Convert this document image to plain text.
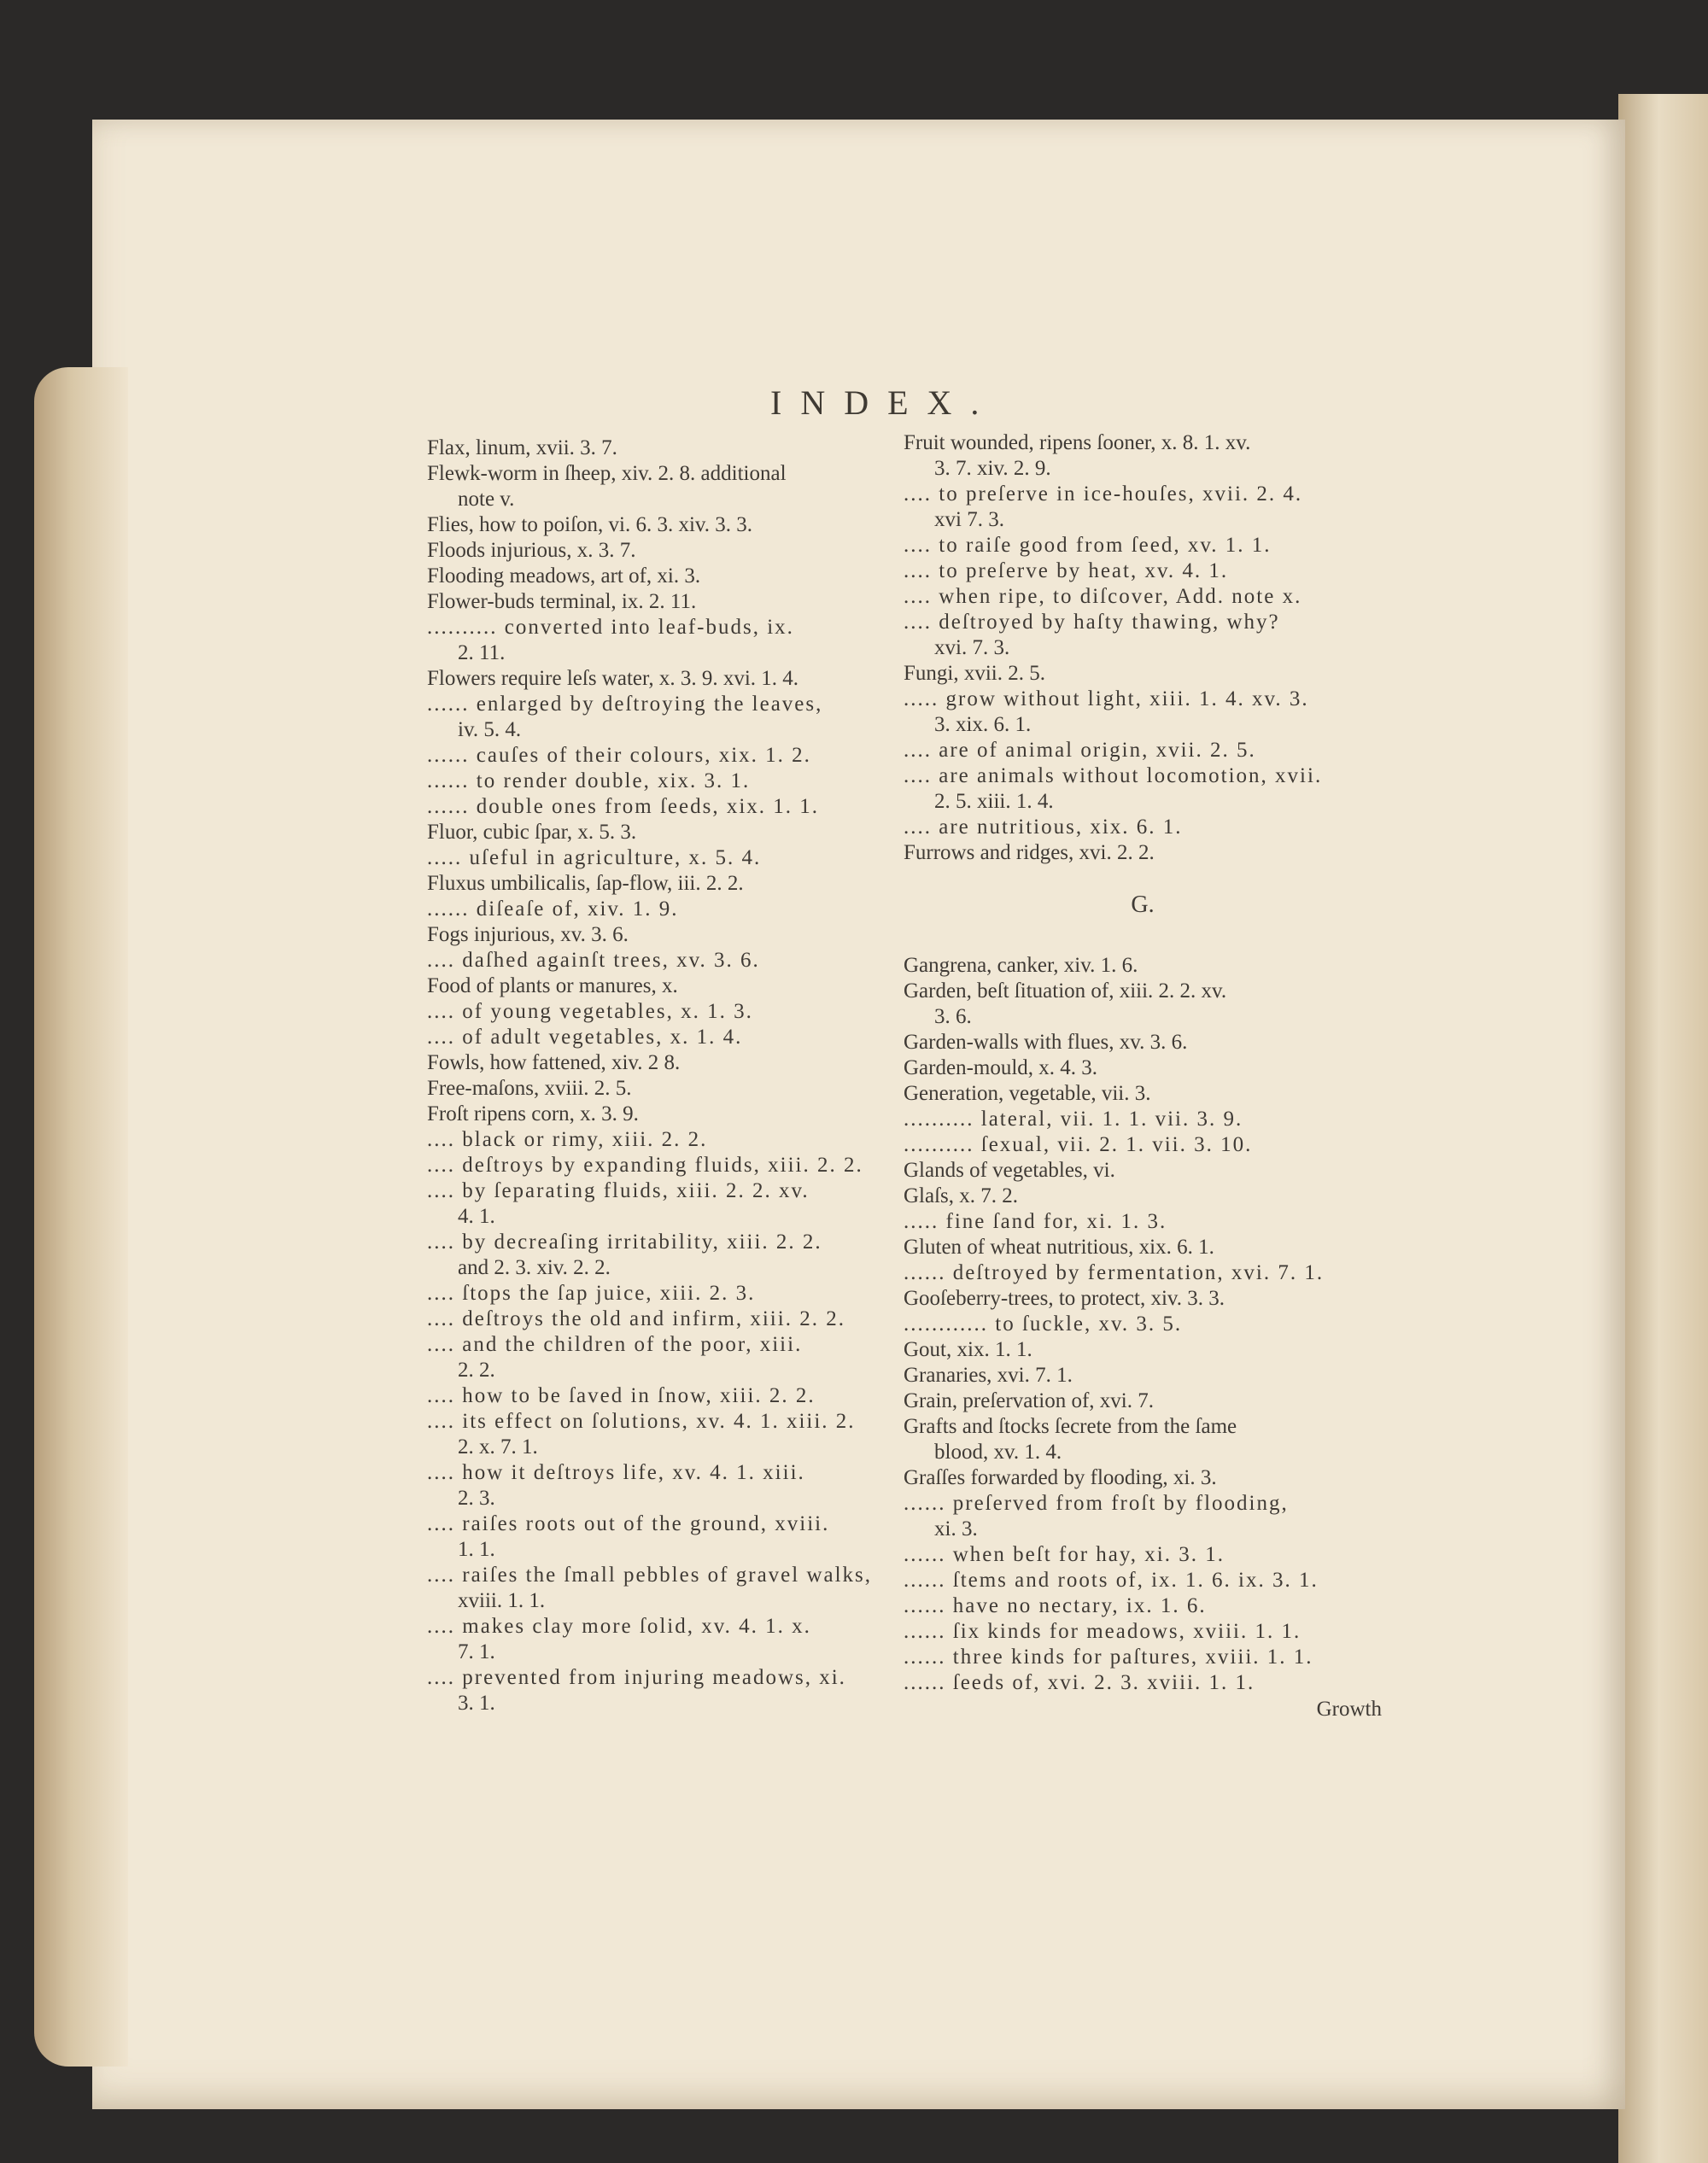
INDEX.

Flax, linum, xvii. 3. 7.

Flewk-worm in ſheep, xiv. 2. 8. additional
note v.

Flies, how to poiſon, vi. 6. 3. xiv. 3. 3.

Floods injurious, x. 3. 7.

Flooding meadows, art of, xi. 3.

Flower-buds terminal, ix. 2. 11.

.......... converted into leaf-buds, ix.
2. 11.

Flowers require leſs water, x. 3. 9. xvi. 1. 4.

...... enlarged by deſtroying the leaves,
iv. 5. 4.

...... cauſes of their colours, xix. 1. 2.

...... to render double, xix. 3. 1.

...... double ones from ſeeds, xix. 1. 1.

Fluor, cubic ſpar, x. 5. 3.

..... uſeful in agriculture, x. 5. 4.

Fluxus umbilicalis, ſap-flow, iii. 2. 2.

...... diſeaſe of, xiv. 1. 9.

Fogs injurious, xv. 3. 6.

.... daſhed againſt trees, xv. 3. 6.

Food of plants or manures, x.

.... of young vegetables, x. 1. 3.

.... of adult vegetables, x. 1. 4.

Fowls, how fattened, xiv. 2 8.

Free-maſons, xviii. 2. 5.

Froſt ripens corn, x. 3. 9.

.... black or rimy, xiii. 2. 2.

.... deſtroys by expanding fluids, xiii. 2. 2.

.... by ſeparating fluids, xiii. 2. 2. xv.
4. 1.

.... by decreaſing irritability, xiii. 2. 2.
and 2. 3. xiv. 2. 2.

.... ſtops the ſap juice, xiii. 2. 3.

.... deſtroys the old and infirm, xiii. 2. 2.

.... and the children of the poor, xiii.
2. 2.

.... how to be ſaved in ſnow, xiii. 2. 2.

.... its effect on ſolutions, xv. 4. 1. xiii. 2.
2. x. 7. 1.

.... how it deſtroys life, xv. 4. 1. xiii.
2. 3.

.... raiſes roots out of the ground, xviii.
1. 1.

.... raiſes the ſmall pebbles of gravel walks,
xviii. 1. 1.

.... makes clay more ſolid, xv. 4. 1. x.
7. 1.

.... prevented from injuring meadows, xi.
3. 1.

Fruit wounded, ripens ſooner, x. 8. 1. xv.
3. 7. xiv. 2. 9.

.... to preſerve in ice-houſes, xvii. 2. 4.
xvi 7. 3.

.... to raiſe good from ſeed, xv. 1. 1.

.... to preſerve by heat, xv. 4. 1.

.... when ripe, to diſcover, Add. note x.

.... deſtroyed by haſty thawing, why?
xvi. 7. 3.

Fungi, xvii. 2. 5.

..... grow without light, xiii. 1. 4. xv. 3.
3. xix. 6. 1.

.... are of animal origin, xvii. 2. 5.

.... are animals without locomotion, xvii.
2. 5. xiii. 1. 4.

.... are nutritious, xix. 6. 1.

Furrows and ridges, xvi. 2. 2.

G.

Gangrena, canker, xiv. 1. 6.

Garden, beſt ſituation of, xiii. 2. 2. xv.
3. 6.

Garden-walls with flues, xv. 3. 6.

Garden-mould, x. 4. 3.

Generation, vegetable, vii. 3.

.......... lateral, vii. 1. 1. vii. 3. 9.

.......... ſexual, vii. 2. 1. vii. 3. 10.

Glands of vegetables, vi.

Glaſs, x. 7. 2.

..... fine ſand for, xi. 1. 3.

Gluten of wheat nutritious, xix. 6. 1.

...... deſtroyed by fermentation, xvi. 7. 1.

Gooſeberry-trees, to protect, xiv. 3. 3.

............ to ſuckle, xv. 3. 5.

Gout, xix. 1. 1.

Granaries, xvi. 7. 1.

Grain, preſervation of, xvi. 7.

Grafts and ſtocks ſecrete from the ſame
blood, xv. 1. 4.

Graſſes forwarded by flooding, xi. 3.

...... preſerved from froſt by flooding,
xi. 3.

...... when beſt for hay, xi. 3. 1.

...... ſtems and roots of, ix. 1. 6. ix. 3. 1.

...... have no nectary, ix. 1. 6.

...... ſix kinds for meadows, xviii. 1. 1.

...... three kinds for paſtures, xviii. 1. 1.

...... ſeeds of, xvi. 2. 3. xviii. 1. 1.

Growth
